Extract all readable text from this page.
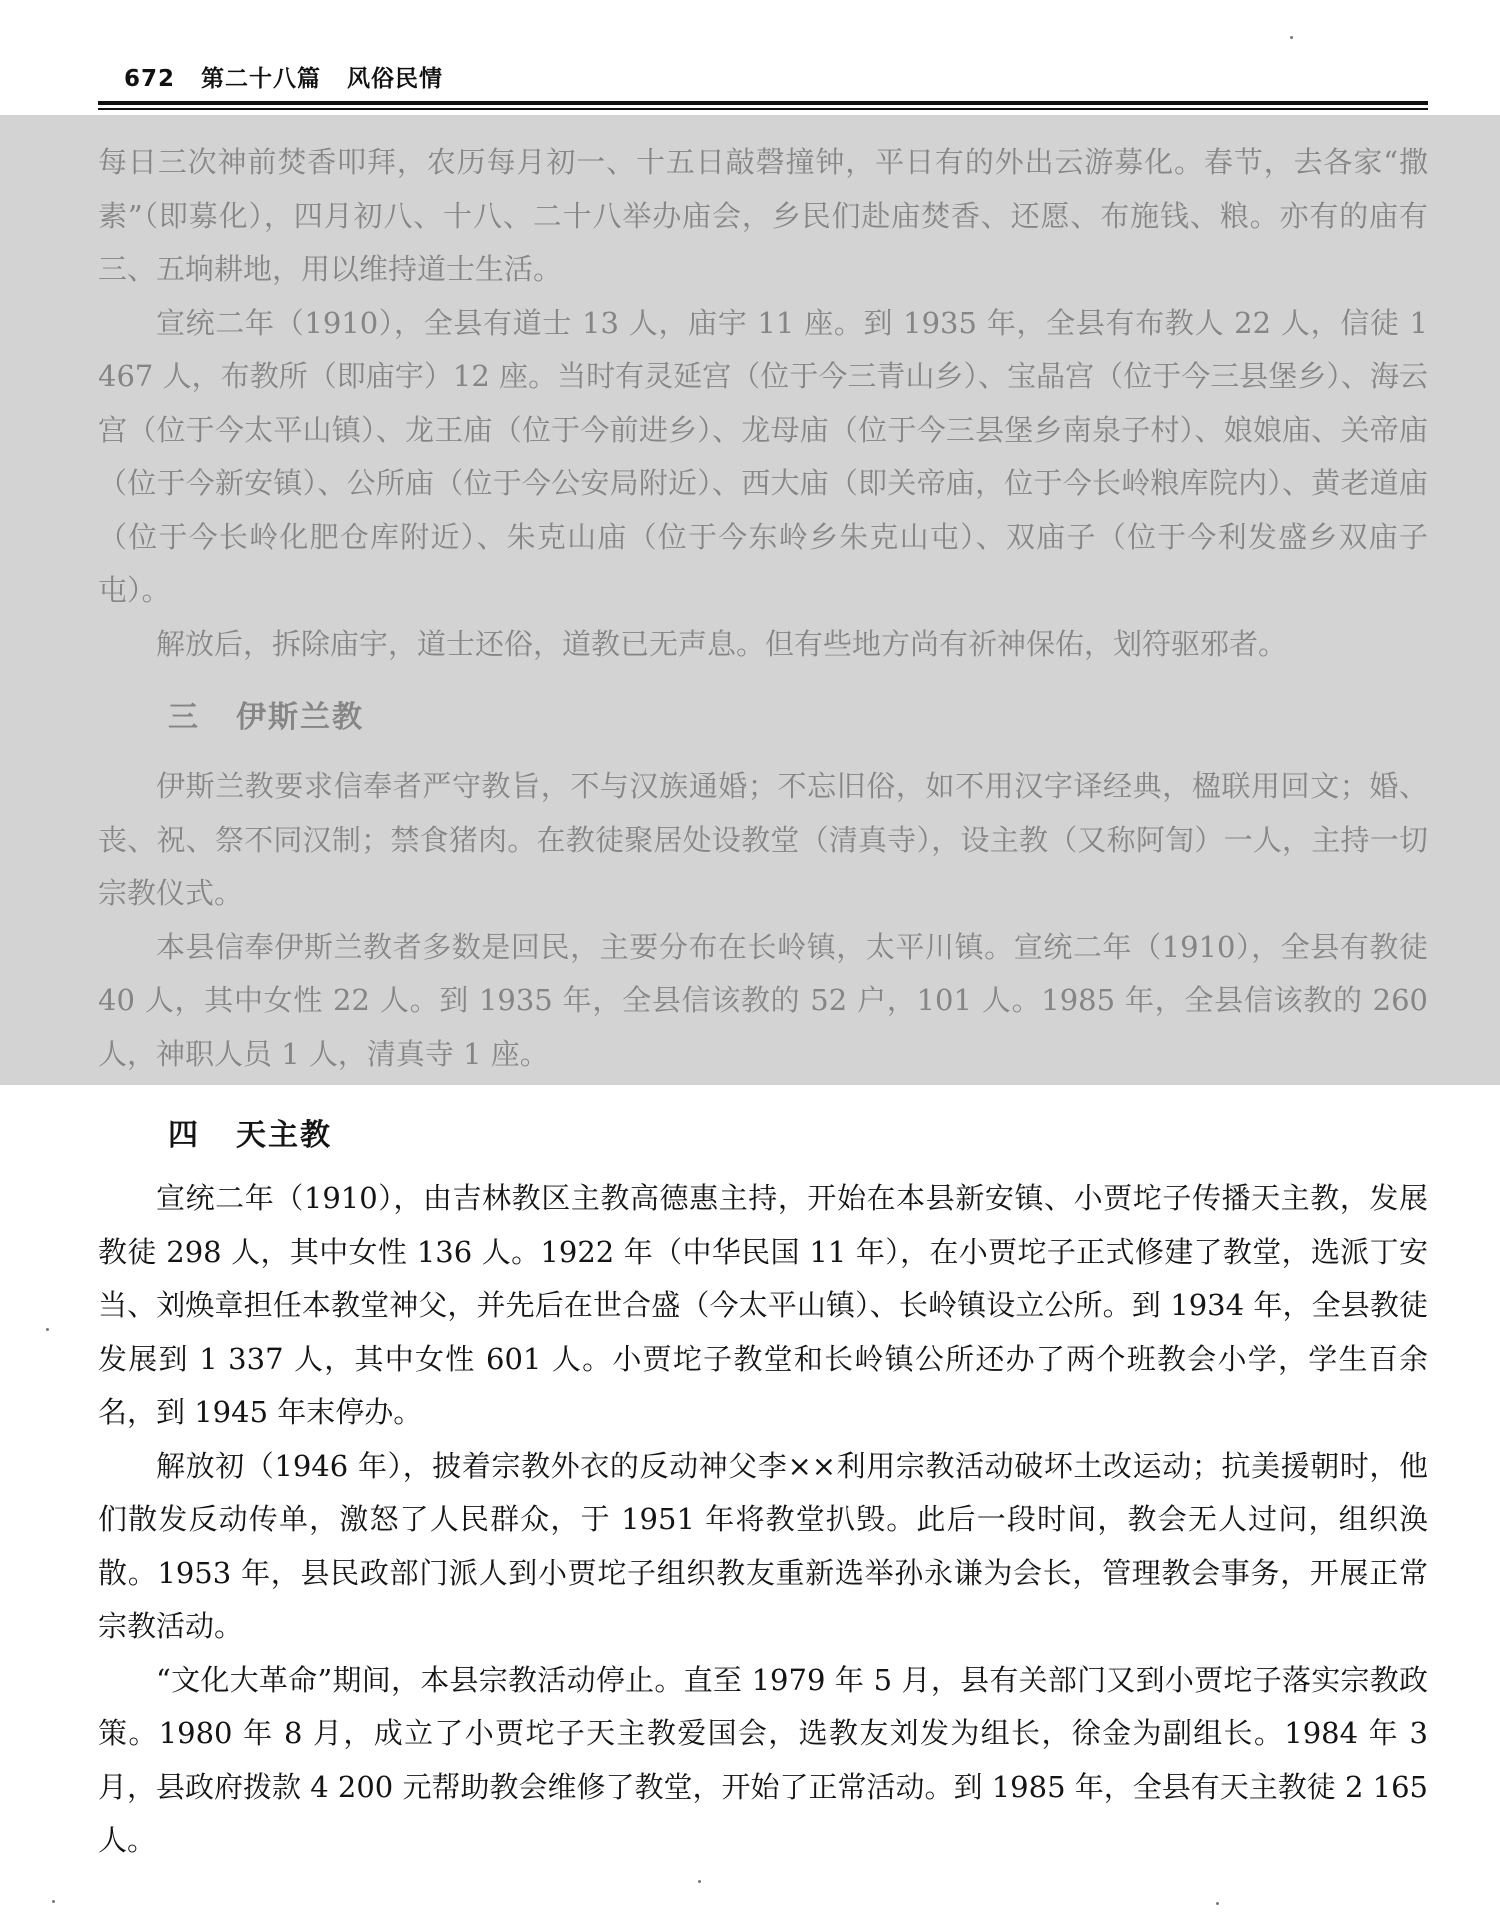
672 第二十八篇 风俗民情

每日三次神前焚香叩拜，农历每月初一、十五日敲磬撞钟，平日有的外出云游募化。春节，去各家“撒素”（即募化），四月初八、十八、二十八举办庙会，乡民们赴庙焚香、还愿、布施钱、粮。亦有的庙有三、五垧耕地，用以维持道士生活。

宣统二年（1910），全县有道士 13 人，庙宇 11 座。到 1935 年，全县有布教人 22 人，信徒 1 467 人，布教所（即庙宇）12 座。当时有灵延宫（位于今三青山乡）、宝晶宫（位于今三县堡乡）、海云宫（位于今太平山镇）、龙王庙（位于今前进乡）、龙母庙（位于今三县堡乡南泉子村）、娘娘庙、关帝庙（位于今新安镇）、公所庙（位于今公安局附近）、西大庙（即关帝庙，位于今长岭粮库院内）、黄老道庙（位于今长岭化肥仓库附近）、朱克山庙（位于今东岭乡朱克山屯）、双庙子（位于今利发盛乡双庙子屯）。

解放后，拆除庙宇，道士还俗，道教已无声息。但有些地方尚有祈神保佑，划符驱邪者。

三 伊斯兰教

伊斯兰教要求信奉者严守教旨，不与汉族通婚；不忘旧俗，如不用汉字译经典，楹联用回文；婚、丧、祝、祭不同汉制；禁食猪肉。在教徒聚居处设教堂（清真寺），设主教（又称阿訇）一人，主持一切宗教仪式。

本县信奉伊斯兰教者多数是回民，主要分布在长岭镇，太平川镇。宣统二年（1910），全县有教徒 40 人，其中女性 22 人。到 1935 年，全县信该教的 52 户，101 人。1985 年，全县信该教的 260 人，神职人员 1 人，清真寺 1 座。

四 天主教

宣统二年（1910），由吉林教区主教高德惠主持，开始在本县新安镇、小贾坨子传播天主教，发展教徒 298 人，其中女性 136 人。1922 年（中华民国 11 年），在小贾坨子正式修建了教堂，选派丁安当、刘焕章担任本教堂神父，并先后在世合盛（今太平山镇）、长岭镇设立公所。到 1934 年，全县教徒发展到 1 337 人，其中女性 601 人。小贾坨子教堂和长岭镇公所还办了两个班教会小学，学生百余名，到 1945 年末停办。

解放初（1946 年），披着宗教外衣的反动神父李××利用宗教活动破坏土改运动；抗美援朝时，他们散发反动传单，激怒了人民群众，于 1951 年将教堂扒毁。此后一段时间，教会无人过问，组织涣散。1953 年，县民政部门派人到小贾坨子组织教友重新选举孙永谦为会长，管理教会事务，开展正常宗教活动。

“文化大革命”期间，本县宗教活动停止。直至 1979 年 5 月，县有关部门又到小贾坨子落实宗教政策。1980 年 8 月，成立了小贾坨子天主教爱国会，选教友刘发为组长，徐金为副组长。1984 年 3 月，县政府拨款 4 200 元帮助教会维修了教堂，开始了正常活动。到 1985 年，全县有天主教徒 2 165 人。
